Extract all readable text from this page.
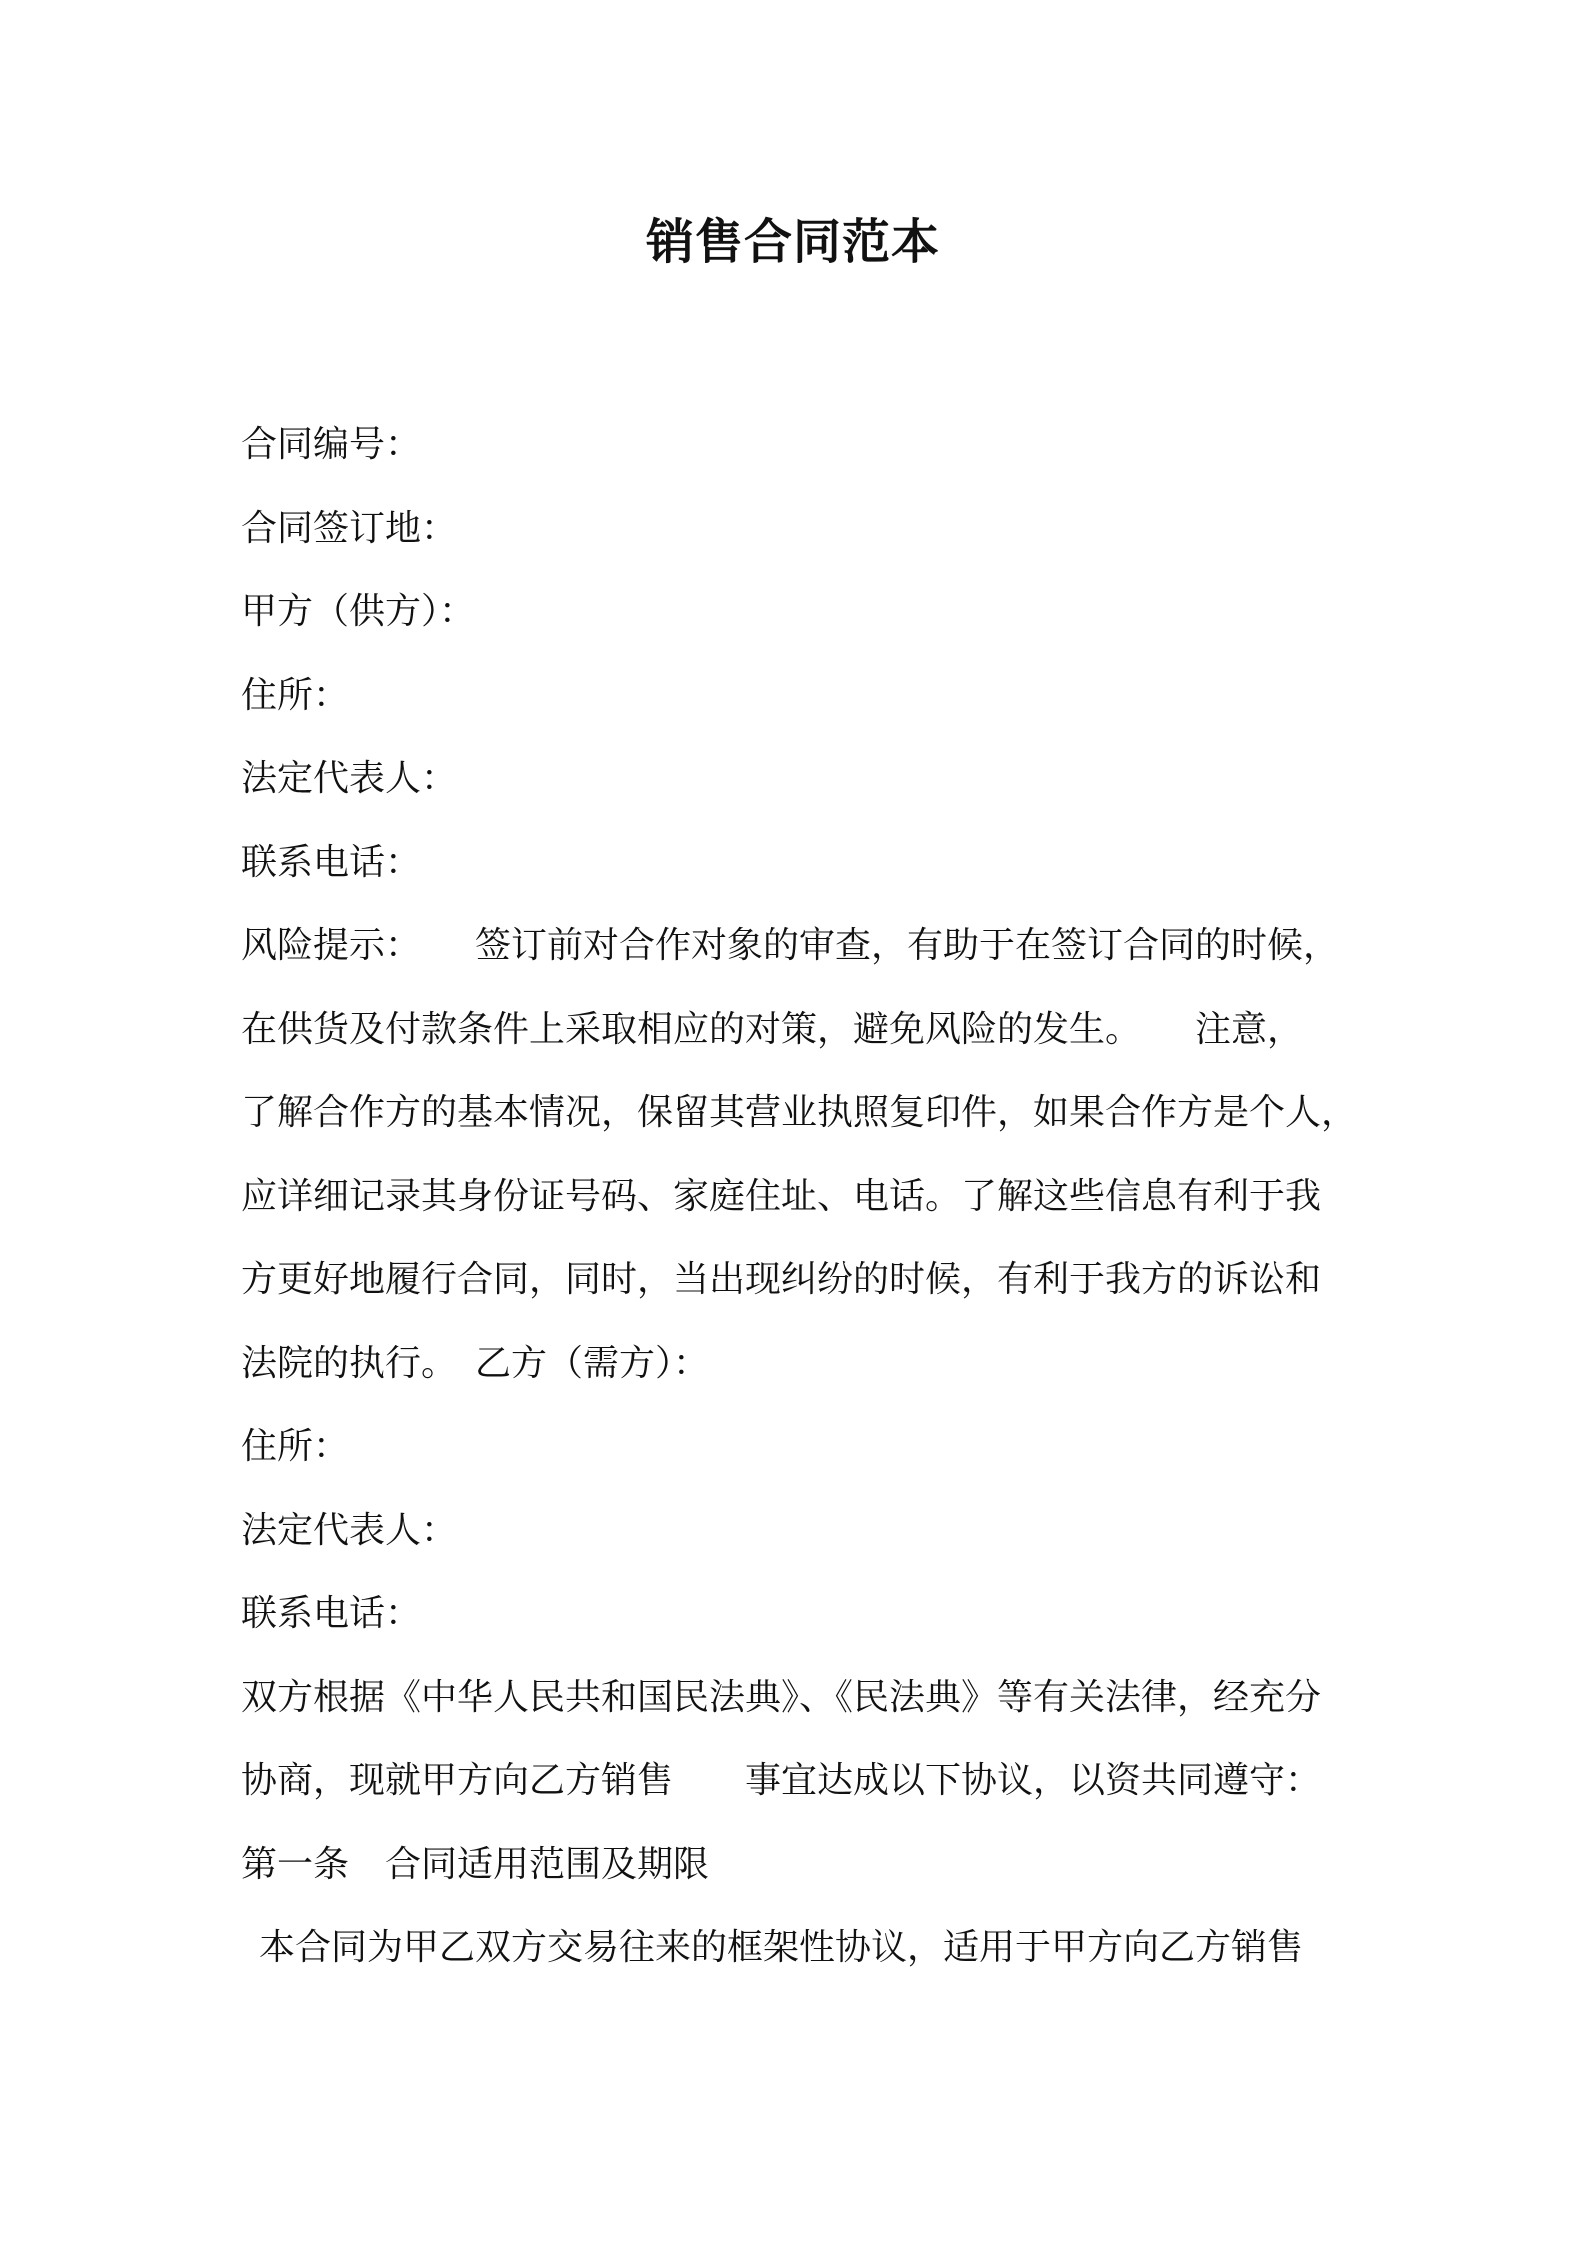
销售合同范本
合同编号：
合同签订地：
甲方（供方）：
住所：
法定代表人：
联系电话：
风险提示：　　签订前对合作对象的审查，有助于在签订合同的时候，
在供货及付款条件上采取相应的对策，避免风险的发生。　　注意，
了解合作方的基本情况，保留其营业执照复印件，如果合作方是个人，
应详细记录其身份证号码、家庭住址、电话。了解这些信息有利于我
方更好地履行合同，同时，当出现纠纷的时候，有利于我方的诉讼和
法院的执行。　乙方（需方）：
住所：
法定代表人：
联系电话：
双方根据《中华人民共和国民法典》、《民法典》等有关法律，经充分
协商，现就甲方向乙方销售　　事宜达成以下协议，以资共同遵守：
第一条　合同适用范围及期限
本合同为甲乙双方交易往来的框架性协议，适用于甲方向乙方销售
